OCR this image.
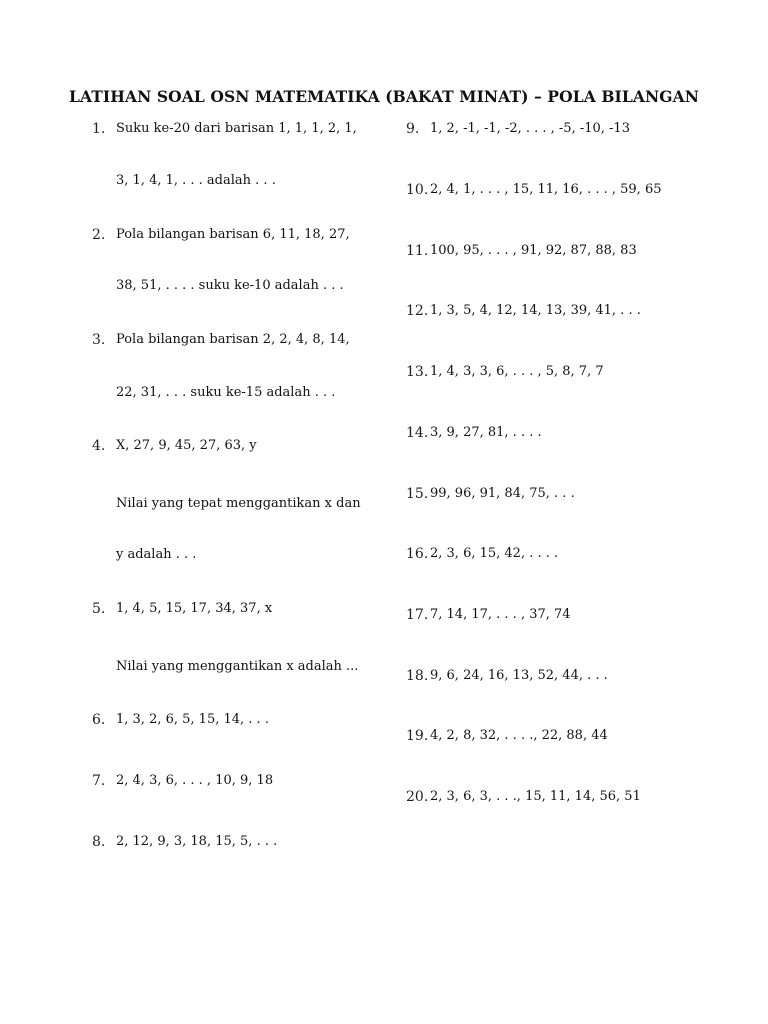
LATIHAN SOAL OSN MATEMATIKA (BAKAT MINAT) – POLA BILANGAN
1. Suku ke-20 dari barisan 1, 1, 1, 2, 1,
3, 1, 4, 1, . . . adalah . . .
2. Pola bilangan barisan 6, 11, 18, 27,
38, 51, . . . . suku ke-10 adalah . . .
3. Pola bilangan barisan 2, 2, 4, 8, 14,
22, 31, . . . suku ke-15 adalah . . .
4. X, 27, 9, 45, 27, 63, y
Nilai yang tepat menggantikan x dan
y adalah . . .
5. 1, 4, 5, 15, 17, 34, 37, x
Nilai yang menggantikan x adalah ...
6. 1, 3, 2, 6, 5, 15, 14, . . .
7. 2, 4, 3, 6, . . . , 10, 9, 18
8. 2, 12, 9, 3, 18, 15, 5, . . .
9. 1, 2, -1, -1, -2, . . . , -5, -10, -13
10. 2, 4, 1, . . . , 15, 11, 16, . . . , 59, 65
11. 100, 95, . . . , 91, 92, 87, 88, 83
12. 1, 3, 5, 4, 12, 14, 13, 39, 41, . . .
13. 1, 4, 3, 3, 6, . . . , 5, 8, 7, 7
14. 3, 9, 27, 81, . . . .
15. 99, 96, 91, 84, 75, . . .
16. 2, 3, 6, 15, 42, . . . .
17. 7, 14, 17, . . . , 37, 74
18. 9, 6, 24, 16, 13, 52, 44, . . .
19. 4, 2, 8, 32, . . . ., 22, 88, 44
20. 2, 3, 6, 3, . . ., 15, 11, 14, 56, 51
